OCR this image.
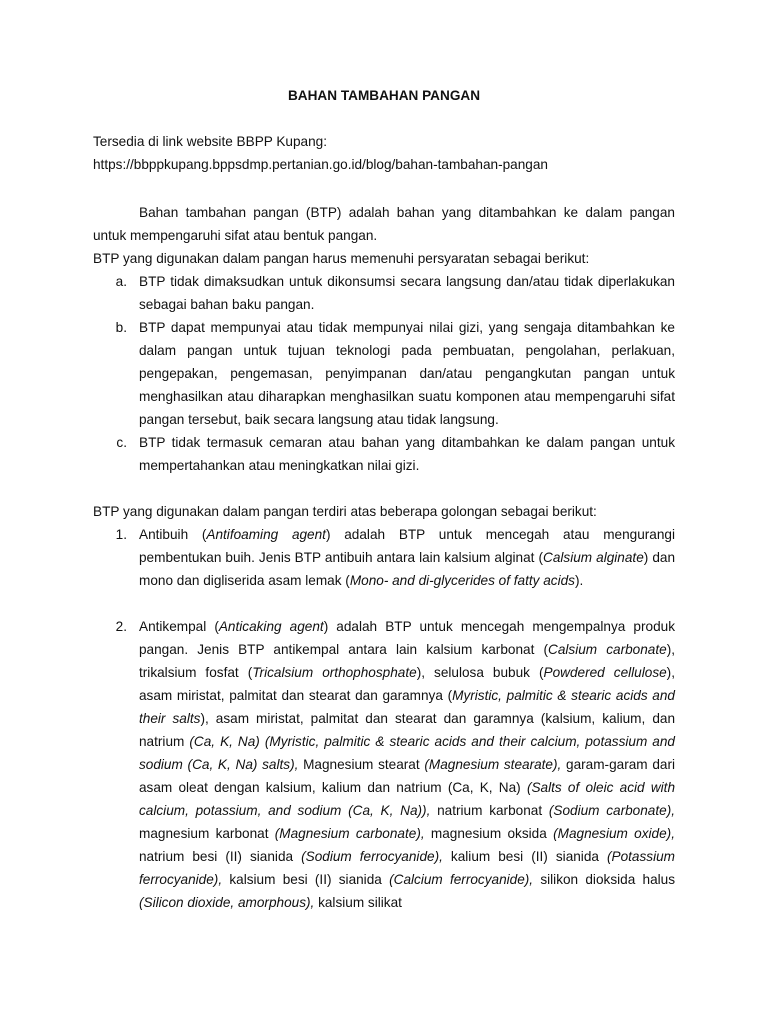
BAHAN TAMBAHAN PANGAN

Tersedia di link website BBPP Kupang:

https://bbppkupang.bppsdmp.pertanian.go.id/blog/bahan-tambahan-pangan

Bahan tambahan pangan (BTP) adalah bahan yang ditambahkan ke dalam pangan untuk mempengaruhi sifat atau bentuk pangan.

BTP yang digunakan dalam pangan harus memenuhi persyaratan sebagai berikut:

a. BTP tidak dimaksudkan untuk dikonsumsi secara langsung dan/atau tidak diperlakukan sebagai bahan baku pangan.
b. BTP dapat mempunyai atau tidak mempunyai nilai gizi, yang sengaja ditambahkan ke dalam pangan untuk tujuan teknologi pada pembuatan, pengolahan, perlakuan, pengepakan, pengemasan, penyimpanan dan/atau pengangkutan pangan untuk menghasilkan atau diharapkan menghasilkan suatu komponen atau mempengaruhi sifat pangan tersebut, baik secara langsung atau tidak langsung.
c. BTP tidak termasuk cemaran atau bahan yang ditambahkan ke dalam pangan untuk mempertahankan atau meningkatkan nilai gizi.

BTP yang digunakan dalam pangan terdiri atas beberapa golongan sebagai berikut:

1. Antibuih (Antifoaming agent) adalah BTP untuk mencegah atau mengurangi pembentukan buih. Jenis BTP antibuih antara lain kalsium alginat (Calsium alginate) dan mono dan digliserida asam lemak (Mono- and di-glycerides of fatty acids).
2. Antikempal (Anticaking agent) adalah BTP untuk mencegah mengempalnya produk pangan. Jenis BTP antikempal antara lain kalsium karbonat (Calsium carbonate), trikalsium fosfat (Tricalsium orthophosphate), selulosa bubuk (Powdered cellulose), asam miristat, palmitat dan stearat dan garamnya (Myristic, palmitic & stearic acids and their salts), asam miristat, palmitat dan stearat dan garamnya (kalsium, kalium, dan natrium (Ca, K, Na) (Myristic, palmitic & stearic acids and their calcium, potassium and sodium (Ca, K, Na) salts), Magnesium stearat (Magnesium stearate), garam-garam dari asam oleat dengan kalsium, kalium dan natrium (Ca, K, Na) (Salts of oleic acid with calcium, potassium, and sodium (Ca, K, Na)), natrium karbonat (Sodium carbonate), magnesium karbonat (Magnesium carbonate), magnesium oksida (Magnesium oxide), natrium besi (II) sianida (Sodium ferrocyanide), kalium besi (II) sianida (Potassium ferrocyanide), kalsium besi (II) sianida (Calcium ferrocyanide), silikon dioksida halus (Silicon dioxide, amorphous), kalsium silikat
